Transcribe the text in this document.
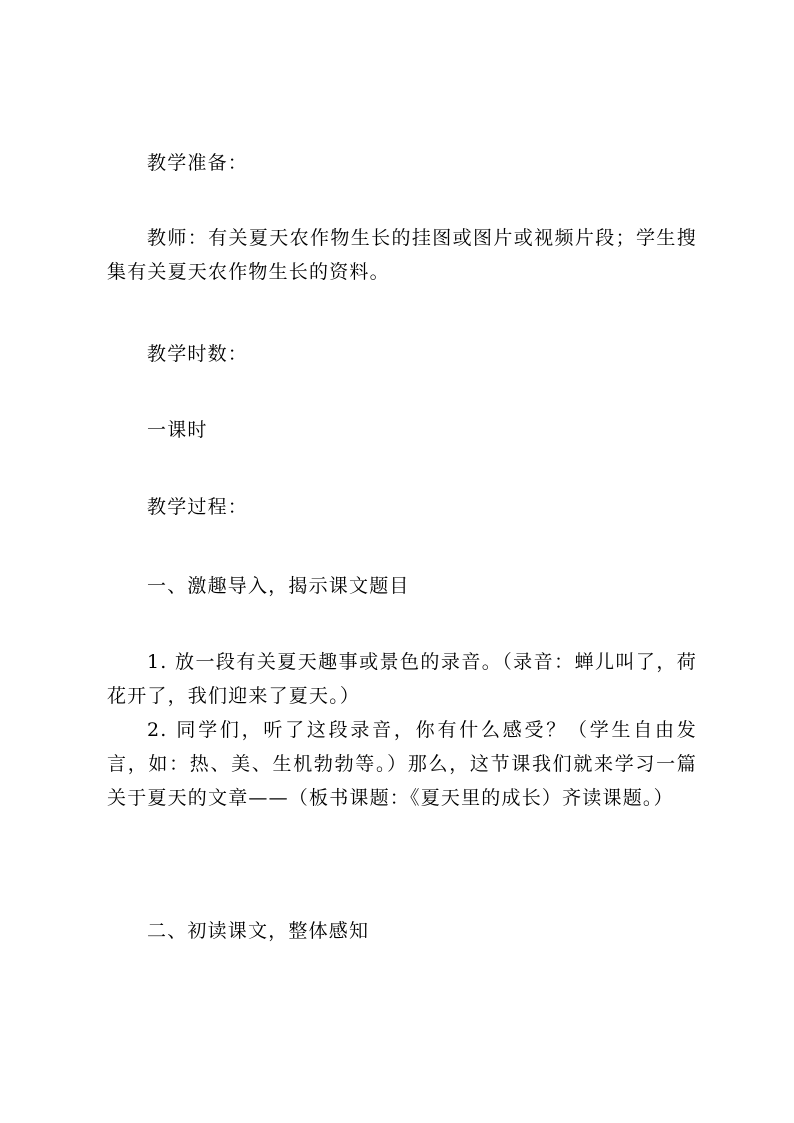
教学准备：

教师：有关夏天农作物生长的挂图或图片或视频片段；学生搜集有关夏天农作物生长的资料。

教学时数：

一课时

教学过程：

一、激趣导入，揭示课文题目

1. 放一段有关夏天趣事或景色的录音。（录音：蝉儿叫了，荷花开了，我们迎来了夏天。）

2. 同学们，听了这段录音，你有什么感受？（学生自由发言，如：热、美、生机勃勃等。）那么，这节课我们就来学习一篇关于夏天的文章——（板书课题：《夏天里的成长）齐读课题。）

二、初读课文，整体感知
